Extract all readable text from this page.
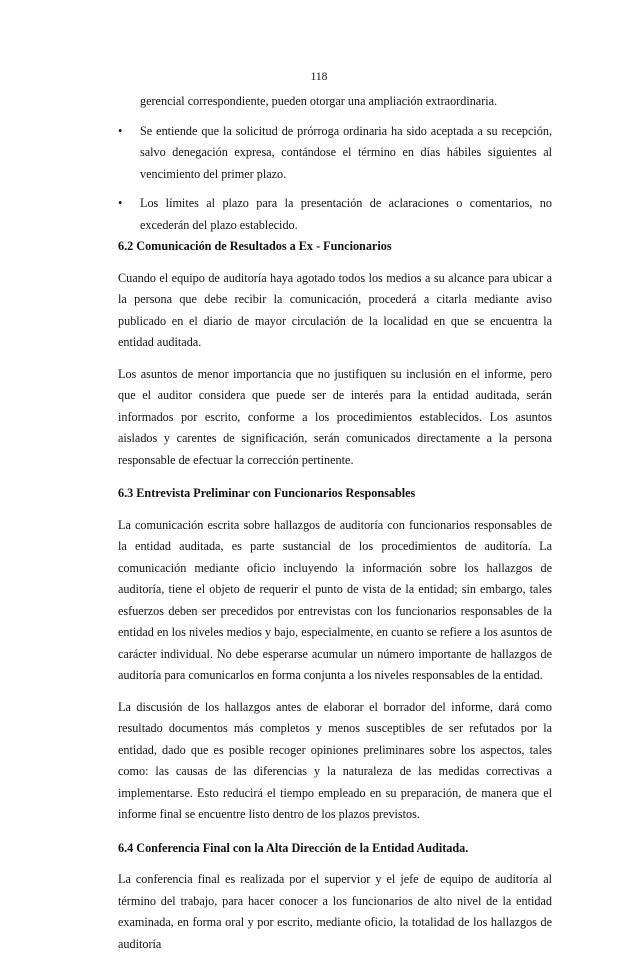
118
gerencial correspondiente, pueden otorgar una ampliación extraordinaria.
• Se entiende que la solicitud de prórroga ordinaria ha sido aceptada a su recepción, salvo denegación expresa, contándose el término en días hábiles siguientes al vencimiento del primer plazo.

• Los límites al plazo para la presentación de aclaraciones o comentarios, no excederán del plazo establecido.

6.2 Comunicación de Resultados a Ex - Funcionarios

Cuando el equipo de auditoría haya agotado todos los medios a su alcance para ubicar a la persona que debe recibir la comunicación, procederá a citarla mediante aviso publicado en el diario de mayor circulación de la localidad en que se encuentra la entidad auditada.

Los asuntos de menor importancia que no justifiquen su inclusión en el informe, pero que el auditor considera que puede ser de interés para la entidad auditada, serán informados por escrito, conforme a los procedimientos establecidos. Los asuntos aislados y carentes de significación, serán comunicados directamente a la persona responsable de efectuar la corrección pertinente.

6.3 Entrevista Preliminar con Funcionarios Responsables

La comunicación escrita sobre hallazgos de auditoría con funcionarios responsables de la entidad auditada, es parte sustancial de los procedimientos de auditoría. La comunicación mediante oficio incluyendo la información sobre los hallazgos de auditoría, tiene el objeto de requerir el punto de vista de la entidad; sin embargo, tales esfuerzos deben ser precedidos por entrevistas con los funcionarios responsables de la entidad en los niveles medios y bajo, especialmente, en cuanto se refiere a los asuntos de carácter individual. No debe esperarse acumular un número importante de hallazgos de auditoría para comunicarlos en forma conjunta a los niveles responsables de la entidad.

La discusión de los hallazgos antes de elaborar el borrador del informe, dará como resultado documentos más completos y menos susceptibles de ser refutados por la entidad, dado que es posible recoger opiniones preliminares sobre los aspectos, tales como: las causas de las diferencias y la naturaleza de las medidas correctivas a implementarse. Esto reducirá el tiempo empleado en su preparación, de manera que el informe final se encuentre listo dentro de los plazos previstos.

6.4 Conferencia Final con la Alta Dirección de la Entidad Auditada.

La conferencia final es realizada por el supervior y el jefe de equipo de auditoría al término del trabajo, para hacer conocer a los funcionarios de alto nivel de la entidad examinada, en forma oral y por escrito, mediante oficio, la totalidad de los hallazgos de auditoría
